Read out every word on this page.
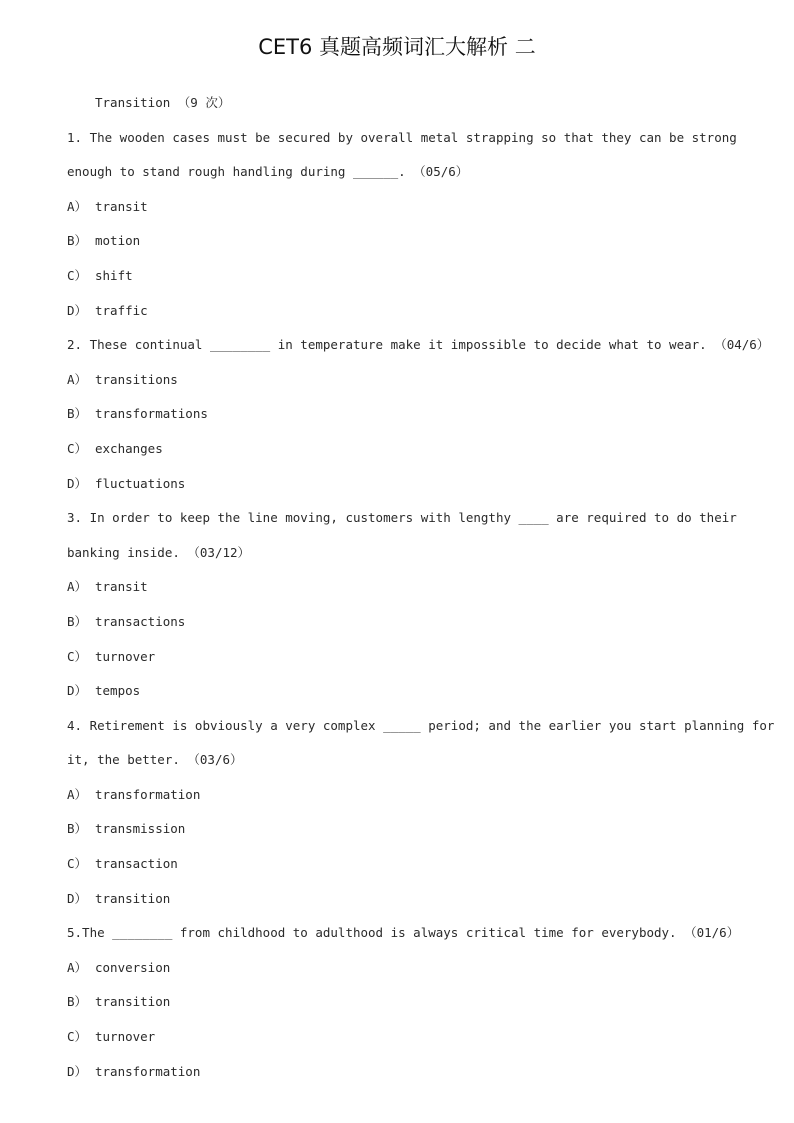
CET6 真题高频词汇大解析 二
Transition （9 次）
1. The wooden cases must be secured by overall metal strapping so that they can be strong
enough to stand rough handling during ______. （05/6）
A） transit
B） motion
C） shift
D） traffic
2. These continual ________ in temperature make it impossible to decide what to wear. （04/6）
A） transitions
B） transformations
C） exchanges
D） fluctuations
3. In order to keep the line moving, customers with lengthy ____ are required to do their
banking inside. （03/12）
A） transit
B） transactions
C） turnover
D） tempos
4. Retirement is obviously a very complex _____ period; and the earlier you start planning for
it, the better. （03/6）
A） transformation
B） transmission
C） transaction
D） transition
5.The ________ from childhood to adulthood is always critical time for everybody. （01/6）
A） conversion
B） transition
C） turnover
D） transformation
